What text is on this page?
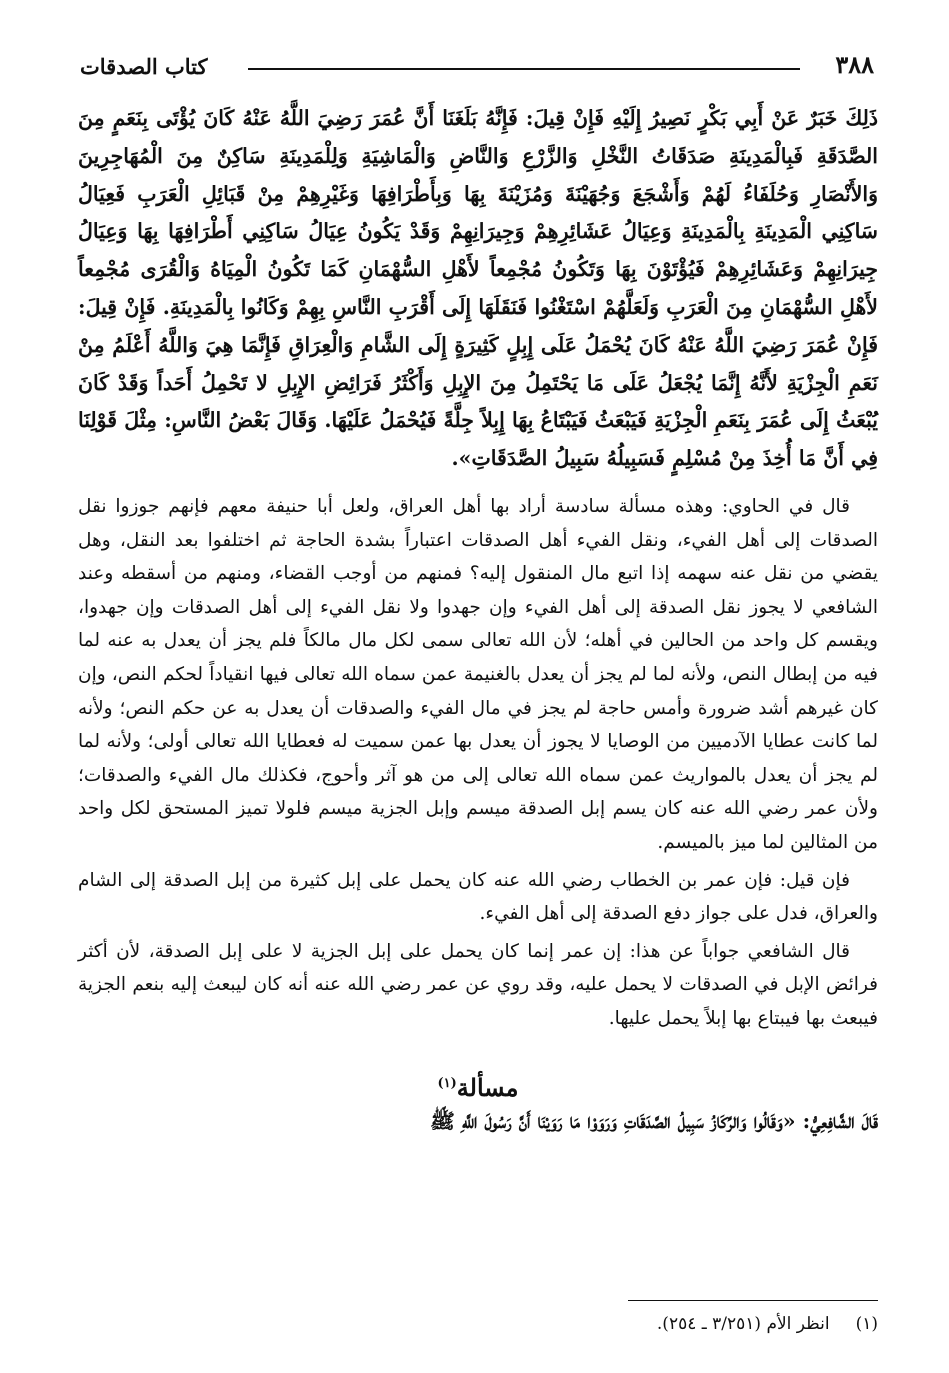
٣٨٨
كتاب الصدقات
ذَلِكَ خَبَرٌ عَنْ أَبِي بَكْرٍ نَصِيرُ إِلَيْهِ فَإِنْ قِيلَ: فَإِنَّهُ بَلَغَنَا أَنَّ عُمَرَ رَضِيَ اللَّهُ عَنْهُ كَانَ يُؤْتَى بِنَعَمٍ مِنَ الصَّدَقَةِ فَبِالْمَدِينَةِ صَدَقَاتُ النَّخْلِ وَالزَّرْعِ وَالنَّاضِ وَالْمَاشِيَةِ وَلِلْمَدِينَةِ سَاكِنٌ مِنَ الْمُهَاجِرِينَ وَالأَنْصَارِ وَحُلَفَاءُ لَهُمْ وَأَشْجَعَ وَجُهَيْنَةَ وَمُزَيْنَةَ بِهَا وَبِأَطْرَافِهَا وَغَيْرِهِمْ مِنْ قَبَائِلِ الْعَرَبِ فَعِيَالُ سَاكِنِي الْمَدِينَةِ بِالْمَدِينَةِ وَعِيَالُ عَشَائِرِهِمْ وَجِيرَانِهِمْ وَقَدْ يَكُونُ عِيَالُ سَاكِنِي أَطْرَافِهَا بِهَا وَعِيَالُ جِيرَانِهِمْ وَعَشَائِرِهِمْ فَيُؤْتَوْنَ بِهَا وَتَكُونُ مُجْمِعاً لأَهْلِ السُّهْمَانِ كَمَا تَكُونُ الْمِيَاهُ وَالْقُرَى مُجْمِعاً لأَهْلِ السُّهْمَانِ مِنَ الْعَرَبِ وَلَعَلَّهُمْ اسْتَغْنُوا فَنَقَلَهَا إِلَى أَقْرَبِ النَّاسِ بِهِمْ وَكَانُوا بِالْمَدِينَةِ. فَإِنْ قِيلَ: فَإِنْ عُمَرَ رَضِيَ اللَّهُ عَنْهُ كَانَ يُحْمَلُ عَلَى إِبِلٍ كَثِيرَةٍ إِلَى الشَّامِ وَالْعِرَاقِ فَإِنَّمَا هِيَ وَاللَّهُ أَعْلَمُ مِنْ نَعَمِ الْجِزْيَةِ لأَنَّهُ إِنَّمَا يُجْعَلُ عَلَى مَا يَحْتَمِلُ مِنَ الإِبِلِ وَأَكْثَرُ فَرَائِضِ الإِبِلِ لا تَحْمِلُ أَحَداً وَقَدْ كَانَ يُبْعَثُ إِلَى عُمَرَ بِنَعَمِ الْجِزْيَةِ فَيَبْعَثُ فَيَبْتَاعُ بِهَا إِبِلاً جِلَّةً فَيُحْمَلُ عَلَيْهَا. وَقَالَ بَعْضُ النَّاسِ: مِثْلَ قَوْلِنَا فِي أَنَّ مَا أُخِذَ مِنْ مُسْلِمٍ فَسَبِيلُهُ سَبِيلُ الصَّدَقَاتِ».

قال في الحاوي: وهذه مسألة سادسة أراد بها أهل العراق، ولعل أبا حنيفة معهم فإنهم جوزوا نقل الصدقات إلى أهل الفيء، ونقل الفيء أهل الصدقات اعتباراً بشدة الحاجة ثم اختلفوا بعد النقل، وهل يقضي من نقل عنه سهمه إذا اتبع مال المنقول إليه؟ فمنهم من أوجب القضاء، ومنهم من أسقطه وعند الشافعي لا يجوز نقل الصدقة إلى أهل الفيء وإن جهدوا ولا نقل الفيء إلى أهل الصدقات وإن جهدوا، ويقسم كل واحد من الحالين في أهله؛ لأن الله تعالى سمى لكل مال مالكاً فلم يجز أن يعدل به عنه لما فيه من إبطال النص، ولأنه لما لم يجز أن يعدل بالغنيمة عمن سماه الله تعالى فيها انقياداً لحكم النص، وإن كان غيرهم أشد ضرورة وأمس حاجة لم يجز في مال الفيء والصدقات أن يعدل به عن حكم النص؛ ولأنه لما كانت عطايا الآدميين من الوصايا لا يجوز أن يعدل بها عمن سميت له فعطايا الله تعالى أولى؛ ولأنه لما لم يجز أن يعدل بالمواريث عمن سماه الله تعالى إلى من هو آثر وأحوج، فكذلك مال الفيء والصدقات؛ ولأن عمر رضي الله عنه كان يسم إبل الصدقة ميسم وإبل الجزية ميسم فلولا تميز المستحق لكل واحد من المثالين لما ميز بالميسم.

فإن قيل: فإن عمر بن الخطاب رضي الله عنه كان يحمل على إبل كثيرة من إبل الصدقة إلى الشام والعراق، فدل على جواز دفع الصدقة إلى أهل الفيء.

قال الشافعي جواباً عن هذا: إن عمر إنما كان يحمل على إبل الجزية لا على إبل الصدقة، لأن أكثر فرائض الإبل في الصدقات لا يحمل عليه، وقد روي عن عمر رضي الله عنه أنه كان ليبعث إليه بنعم الجزية فيبعث بها فيبتاع بها إبلاً يحمل عليها.

مسألة$^{(١)}$
قَالَ الشَّافِعِيُّ: «وَقَالُوا وَالرِّكَازُ سَبِيلُ الصَّدَقَاتِ وَرَوَوْا مَا رَوَيْنَا أَنَّ رَسُولَ اللَّهِ ﷺ
(١)انظر الأم (٣/٢٥١ ـ ٢٥٤).
